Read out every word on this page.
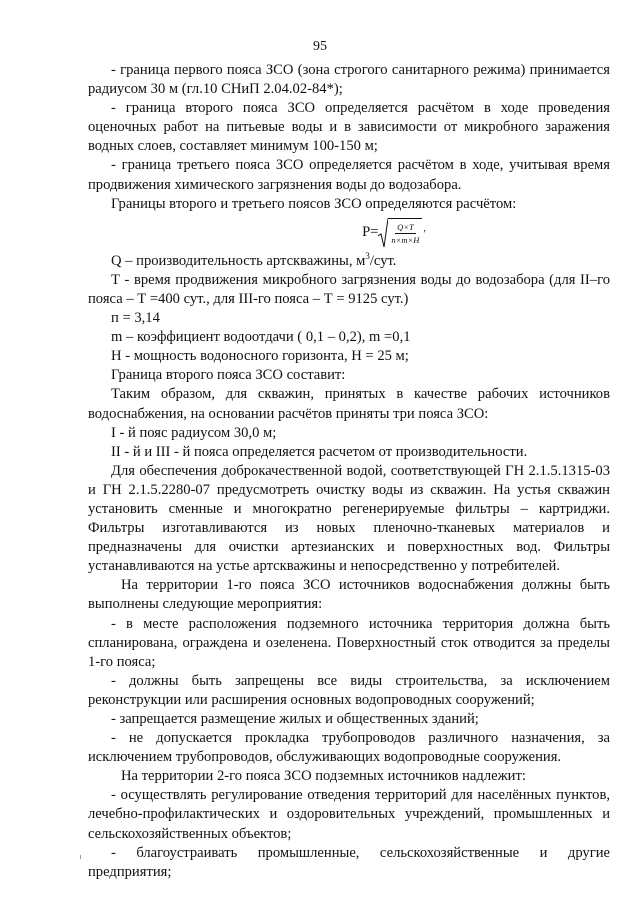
95

- граница первого пояса ЗСО (зона строгого санитарного режима) принимается радиусом 30 м (гл.10 СНиП 2.04.02-84*);

- граница второго пояса ЗСО определяется расчётом в ходе проведения оценочных работ на питьевые воды и в зависимости от микробного заражения водных слоев, составляет минимум 100-150 м;

- граница третьего пояса ЗСО определяется расчётом в ходе, учитывая время продвижения химического загрязнения воды до водозабора.

Границы второго и третьего поясов ЗСО определяются расчётом:

$Р= \frac{Q\times T}{n\times m\times H}$ ,

Q – производительность артскважины, $м^3$/сут.

Т - время продвижения микробного загрязнения воды до водозабора (для II–го пояса – Т =400 сут., для III-го пояса – Т = 9125 сут.)

п = 3,14

m – коэффициент водоотдачи ( 0,1 – 0,2), m =0,1

Н - мощность водоносного горизонта, Н = 25 м;

Граница второго пояса ЗСО составит:

Таким образом, для скважин, принятых в качестве рабочих источников водоснабжения, на основании расчётов приняты три пояса ЗСО:

I - й пояс радиусом 30,0 м;

II - й и III - й пояса определяется расчетом от производительности.

Для обеспечения доброкачественной водой, соответствующей ГН 2.1.5.1315-03 и ГН 2.1.5.2280-07 предусмотреть очистку воды из скважин. На устья скважин установить сменные и многократно регенерируемые фильтры – картриджи. Фильтры изготавливаются из новых пленочно-тканевых материалов и предназначены для очистки артезианских и поверхностных вод. Фильтры устанавливаются на устье артскважины и непосредственно у потребителей.

На территории 1-го пояса ЗСО источников водоснабжения должны быть выполнены следующие мероприятия:

- в месте расположения подземного источника территория должна быть спланирована, ограждена и озеленена. Поверхностный сток отводится за пределы 1-го пояса;

- должны быть запрещены все виды строительства, за исключением реконструкции или расширения основных водопроводных сооружений;

- запрещается размещение жилых и общественных зданий;

- не допускается прокладка трубопроводов различного назначения, за исключением трубопроводов, обслуживающих водопроводные сооружения.

На территории 2-го пояса ЗСО подземных источников надлежит:

- осуществлять регулирование отведения территорий для населённых пунктов, лечебно-профилактических и оздоровительных учреждений, промышленных и сельскохозяйственных объектов;

- благоустраивать промышленные, сельскохозяйственные и другие предприятия;
